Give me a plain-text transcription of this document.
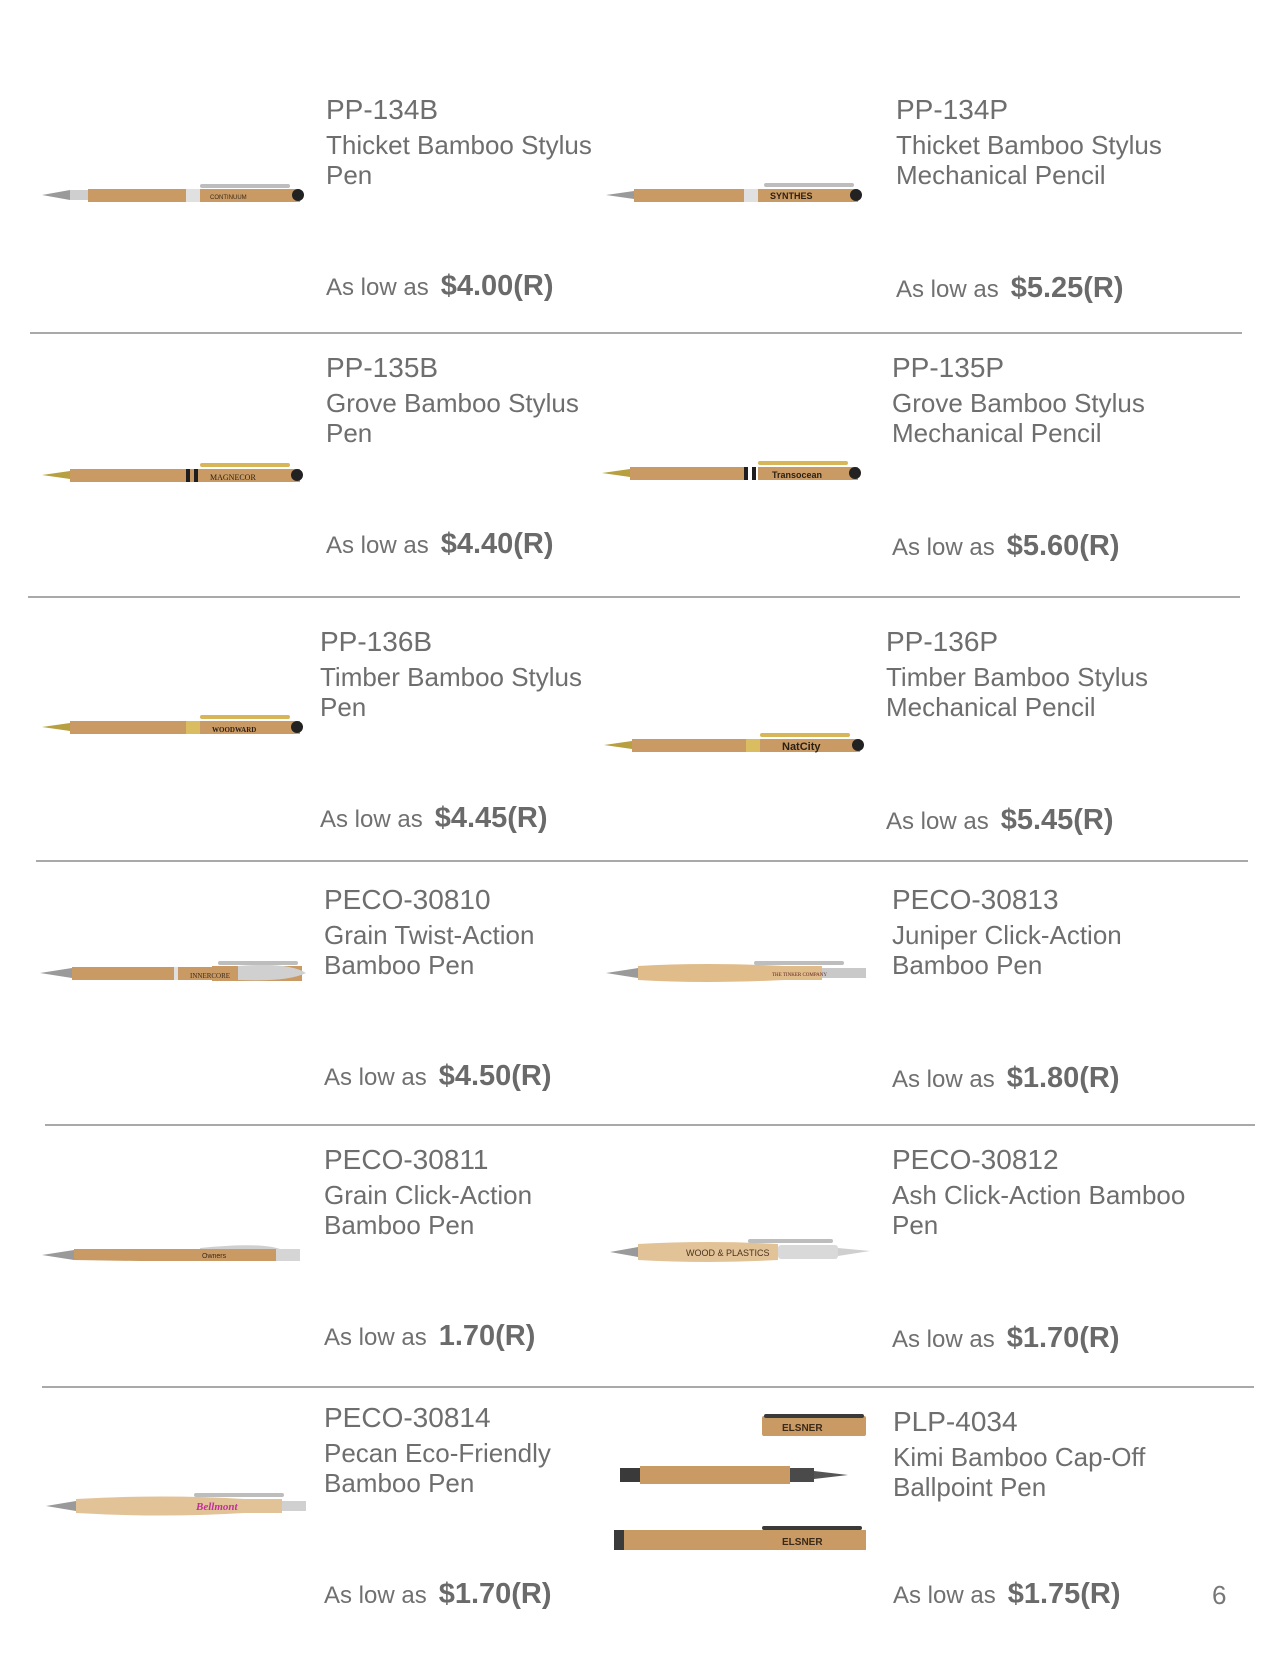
CONTINUUM
PP-134B
Thicket Bamboo Stylus Pen
As low as $4.00(R)
SYNTHES
PP-134P
Thicket Bamboo Stylus Mechanical Pencil
As low as $5.25(R)
MAGNECOR
PP-135B
Grove Bamboo Stylus Pen
As low as $4.40(R)
Transocean
PP-135P
Grove Bamboo Stylus Mechanical Pencil
As low as $5.60(R)
WOODWARD
PP-136B
Timber Bamboo Stylus Pen
As low as $4.45(R)
NatCity
PP-136P
Timber Bamboo Stylus Mechanical Pencil
As low as $5.45(R)
INNERCORE
PECO-30810
Grain Twist-Action Bamboo Pen
As low as $4.50(R)
THE TINKER COMPANY
PECO-30813
Juniper Click-Action Bamboo Pen
As low as $1.80(R)
Owners
PECO-30811
Grain Click-Action Bamboo Pen
As low as 1.70(R)
WOOD & PLASTICS
PECO-30812
Ash Click-Action Bamboo Pen
As low as $1.70(R)
Bellmont
PECO-30814
Pecan Eco-Friendly Bamboo Pen
As low as $1.70(R)
ELSNER
ELSNER
PLP-4034
Kimi Bamboo Cap-Off Ballpoint Pen
As low as $1.75(R)	6
